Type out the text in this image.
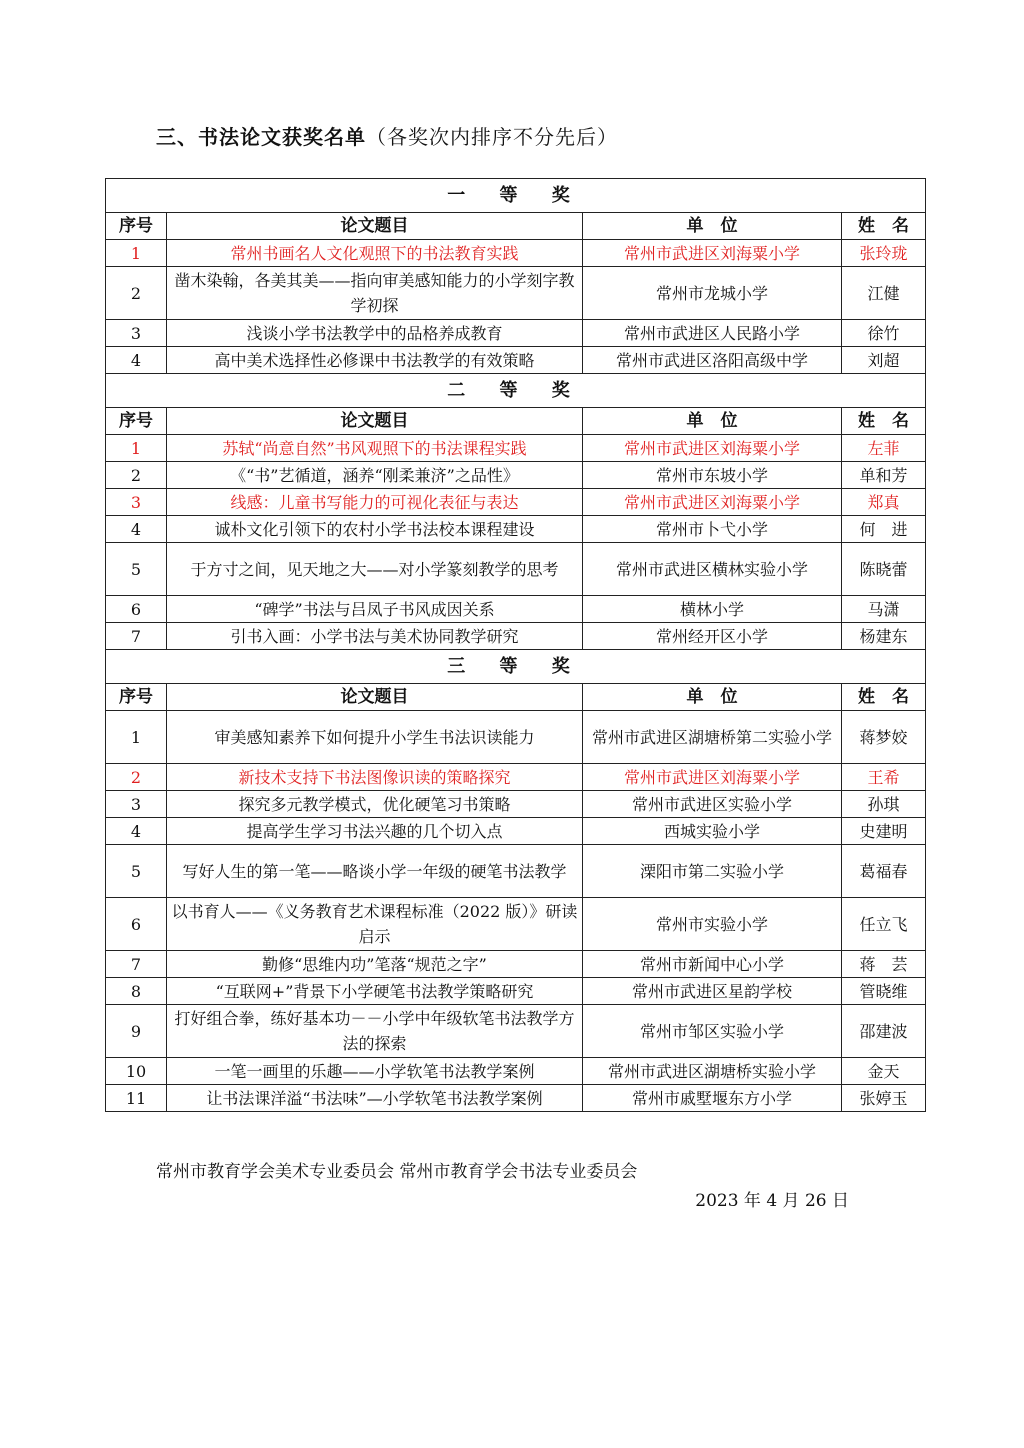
三、书法论文获奖名单（各奖次内排序不分先后）
一 等 奖			
序号	论文题目	单　位	姓　名
1	常州书画名人文化观照下的书法教育实践	常州市武进区刘海粟小学	张玲珑
2	凿木染翰，各美其美——指向审美感知能力的小学刻字教学初探	常州市龙城小学	江健
3	浅谈小学书法教学中的品格养成教育	常州市武进区人民路小学	徐竹
4	高中美术选择性必修课中书法教学的有效策略	常州市武进区洛阳高级中学	刘超
二 等 奖			
序号	论文题目	单　位	姓　名
1	苏轼“尚意自然”书风观照下的书法课程实践	常州市武进区刘海粟小学	左菲
2	《“书”艺循道，涵养“刚柔兼济”之品性》	常州市东坡小学	单和芳
3	线感：儿童书写能力的可视化表征与表达	常州市武进区刘海粟小学	郑真
4	诚朴文化引领下的农村小学书法校本课程建设	常州市卜弋小学	何　进
5	于方寸之间，见天地之大——对小学篆刻教学的思考	常州市武进区横林实验小学	陈晓蕾
6	“碑学”书法与吕凤子书风成因关系	横林小学	马潇
7	引书入画：小学书法与美术协同教学研究	常州经开区小学	杨建东
三 等 奖			
序号	论文题目	单　位	姓　名
1	审美感知素养下如何提升小学生书法识读能力	常州市武进区湖塘桥第二实验小学	蒋梦姣
2	新技术支持下书法图像识读的策略探究	常州市武进区刘海粟小学	王希
3	探究多元教学模式，优化硬笔习书策略	常州市武进区实验小学	孙琪
4	提高学生学习书法兴趣的几个切入点	西城实验小学	史建明
5	写好人生的第一笔——略谈小学一年级的硬笔书法教学	溧阳市第二实验小学	葛福春
6	以书育人——《义务教育艺术课程标准（2022 版）》研读启示	常州市实验小学	任立飞
7	勤修“思维内功”笔落“规范之字”	常州市新闻中心小学	蒋　芸
8	“互联网+”背景下小学硬笔书法教学策略研究	常州市武进区星韵学校	管晓维
9	打好组合拳，练好基本功－－小学中年级软笔书法教学方法的探索	常州市邹区实验小学	邵建波
10	一笔一画里的乐趣——小学软笔书法教学案例	常州市武进区湖塘桥实验小学	金天
11	让书法课洋溢“书法味”—小学软笔书法教学案例	常州市戚墅堰东方小学	张婷玉
常州市教育学会美术专业委员会 常州市教育学会书法专业委员会
2023 年 4 月 26 日
